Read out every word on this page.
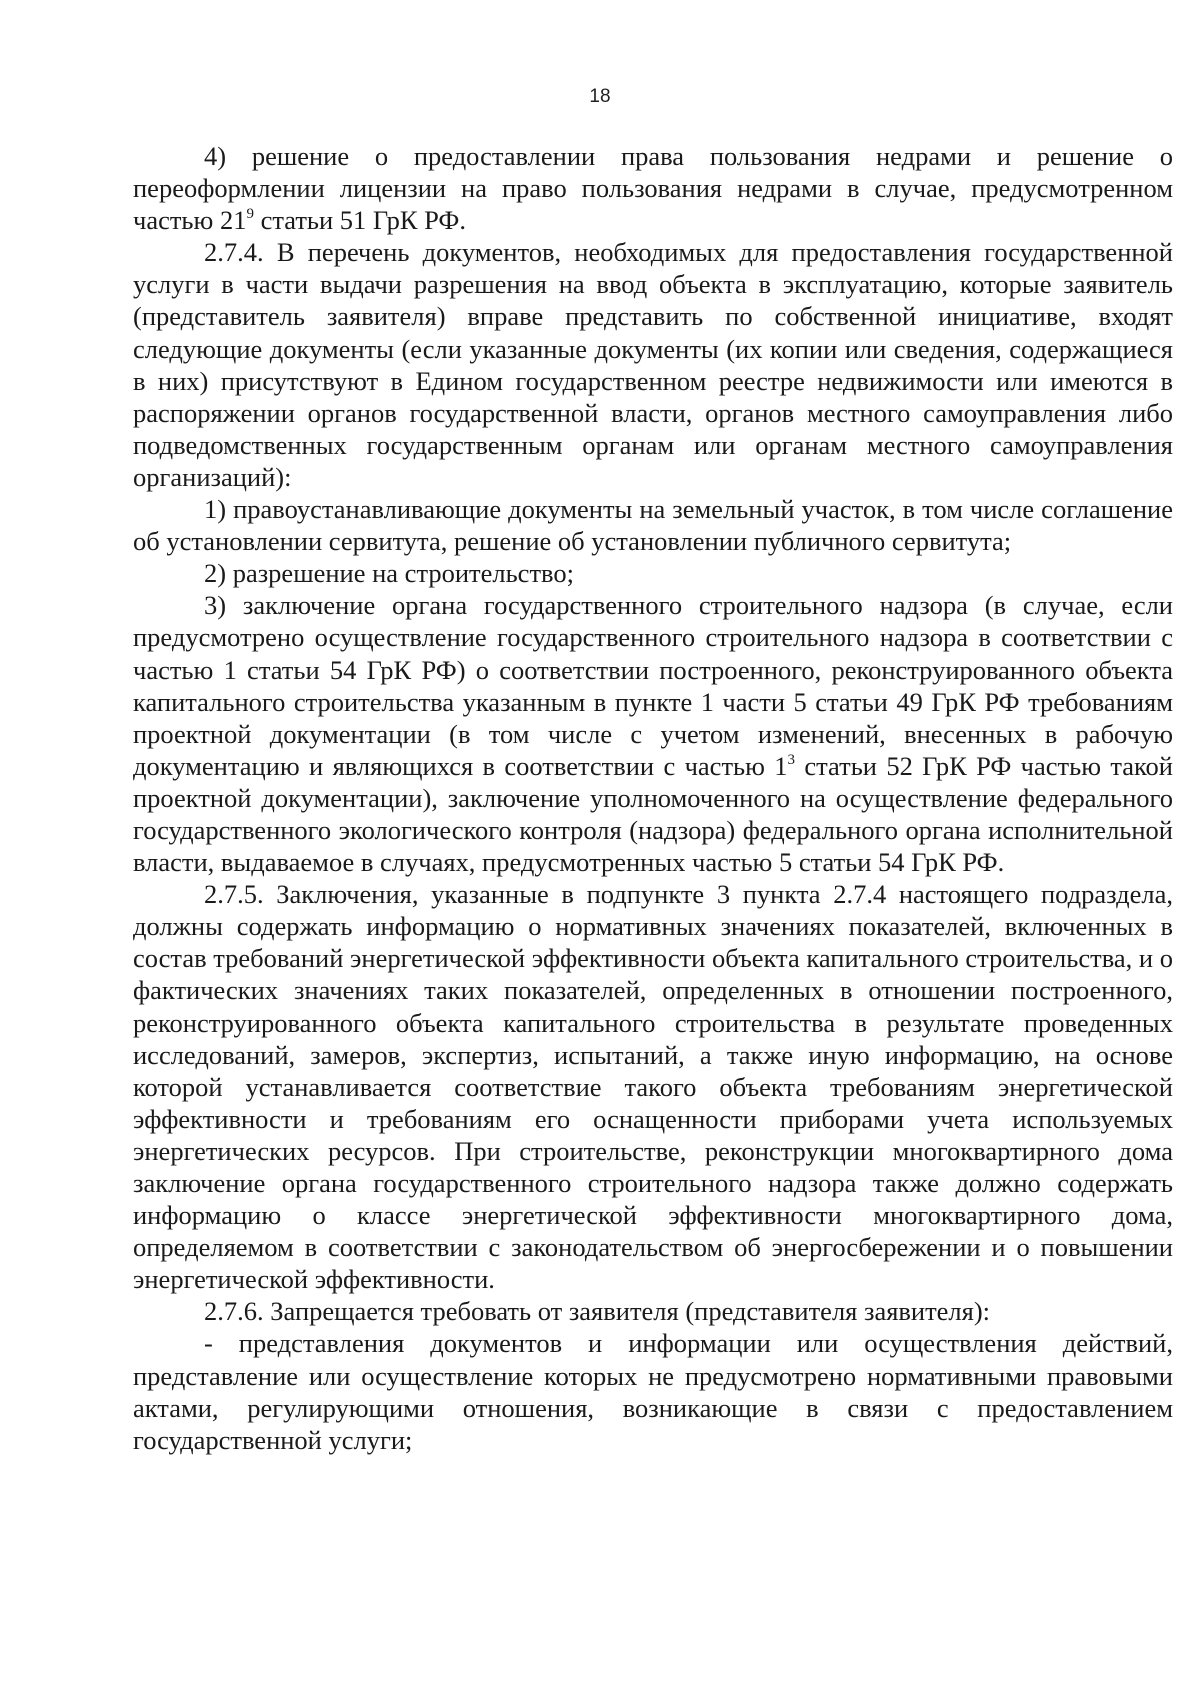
18

4) решение о предоставлении права пользования недрами и решение о переоформлении лицензии на право пользования недрами в случае, предусмотренном частью $21^9$ статьи 51 ГрК РФ.

2.7.4. В перечень документов, необходимых для предоставления государственной услуги в части выдачи разрешения на ввод объекта в эксплуатацию, которые заявитель (представитель заявителя) вправе представить по собственной инициативе, входят следующие документы (если указанные документы (их копии или сведения, содержащиеся в них) присутствуют в Едином государственном реестре недвижимости или имеются в распоряжении органов государственной власти, органов местного самоуправления либо подведомственных государственным органам или органам местного самоуправления организаций):

1) правоустанавливающие документы на земельный участок, в том числе соглашение об установлении сервитута, решение об установлении публичного сервитута;

2) разрешение на строительство;

3) заключение органа государственного строительного надзора (в случае, если предусмотрено осуществление государственного строительного надзора в соответствии с частью 1 статьи 54 ГрК РФ) о соответствии построенного, реконструированного объекта капитального строительства указанным в пункте 1 части 5 статьи 49 ГрК РФ требованиям проектной документации (в том числе с учетом изменений, внесенных в рабочую документацию и являющихся в соответствии с частью $1^3$ статьи 52 ГрК РФ частью такой проектной документации), заключение уполномоченного на осуществление федерального государственного экологического контроля (надзора) федерального органа исполнительной власти, выдаваемое в случаях, предусмотренных частью 5 статьи 54 ГрК РФ.

2.7.5. Заключения, указанные в подпункте 3 пункта 2.7.4 настоящего подраздела, должны содержать информацию о нормативных значениях показателей, включенных в состав требований энергетической эффективности объекта капитального строительства, и о фактических значениях таких показателей, определенных в отношении построенного, реконструированного объекта капитального строительства в результате проведенных исследований, замеров, экспертиз, испытаний, а также иную информацию, на основе которой устанавливается соответствие такого объекта требованиям энергетической эффективности и требованиям его оснащенности приборами учета используемых энергетических ресурсов. При строительстве, реконструкции многоквартирного дома заключение органа государственного строительного надзора также должно содержать информацию о классе энергетической эффективности многоквартирного дома, определяемом в соответствии с законодательством об энергосбережении и о повышении энергетической эффективности.

2.7.6. Запрещается требовать от заявителя (представителя заявителя):

- представления документов и информации или осуществления действий, представление или осуществление которых не предусмотрено нормативными правовыми актами, регулирующими отношения, возникающие в связи с предоставлением государственной услуги;
